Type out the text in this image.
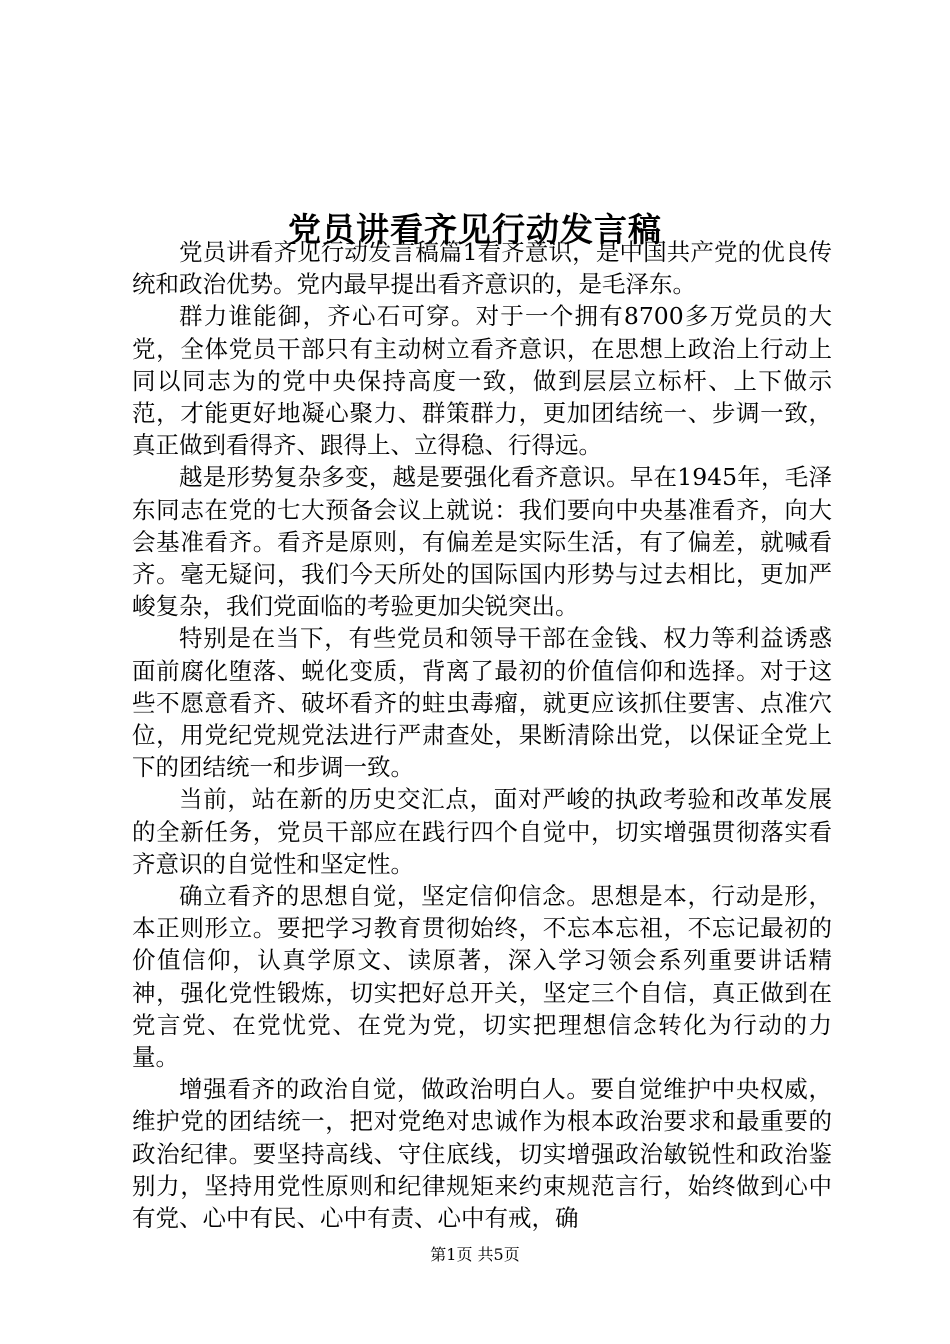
党员讲看齐见行动发言稿

党员讲看齐见行动发言稿篇1看齐意识，是中国共产党的优良传统和政治优势。党内最早提出看齐意识的，是毛泽东。

群力谁能御，齐心石可穿。对于一个拥有8700多万党员的大党，全体党员干部只有主动树立看齐意识，在思想上政治上行动上同以同志为的党中央保持高度一致，做到层层立标杆、上下做示范，才能更好地凝心聚力、群策群力，更加团结统一、步调一致，真正做到看得齐、跟得上、立得稳、行得远。

越是形势复杂多变，越是要强化看齐意识。早在1945年，毛泽东同志在党的七大预备会议上就说：我们要向中央基准看齐，向大会基准看齐。看齐是原则，有偏差是实际生活，有了偏差，就喊看齐。毫无疑问，我们今天所处的国际国内形势与过去相比，更加严峻复杂，我们党面临的考验更加尖锐突出。

特别是在当下，有些党员和领导干部在金钱、权力等利益诱惑面前腐化堕落、蜕化变质，背离了最初的价值信仰和选择。对于这些不愿意看齐、破坏看齐的蛀虫毒瘤，就更应该抓住要害、点准穴位，用党纪党规党法进行严肃查处，果断清除出党，以保证全党上下的团结统一和步调一致。

当前，站在新的历史交汇点，面对严峻的执政考验和改革发展的全新任务，党员干部应在践行四个自觉中，切实增强贯彻落实看齐意识的自觉性和坚定性。

确立看齐的思想自觉，坚定信仰信念。思想是本，行动是形，本正则形立。要把学习教育贯彻始终，不忘本忘祖，不忘记最初的价值信仰，认真学原文、读原著，深入学习领会系列重要讲话精神，强化党性锻炼，切实把好总开关，坚定三个自信，真正做到在党言党、在党忧党、在党为党，切实把理想信念转化为行动的力量。

增强看齐的政治自觉，做政治明白人。要自觉维护中央权威，维护党的团结统一，把对党绝对忠诚作为根本政治要求和最重要的政治纪律。要坚持高线、守住底线，切实增强政治敏锐性和政治鉴别力，坚持用党性原则和纪律规矩来约束规范言行，始终做到心中有党、心中有民、心中有责、心中有戒，确

第1页 共5页
